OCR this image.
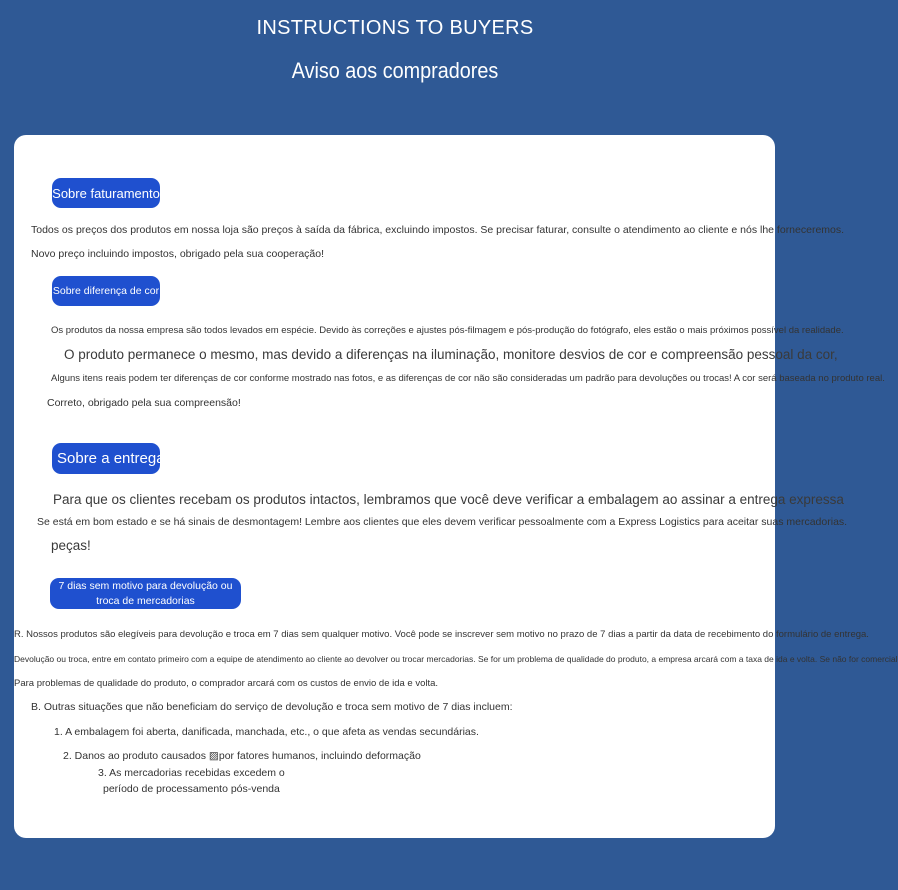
INSTRUCTIONS TO BUYERS
Aviso aos compradores
Sobre faturamento
Todos os preços dos produtos em nossa loja são preços à saída da fábrica, excluindo impostos. Se precisar faturar, consulte o atendimento ao cliente e nós lhe forneceremos.
Novo preço incluindo impostos, obrigado pela sua cooperação!
Sobre diferença de cor
Os produtos da nossa empresa são todos levados em espécie. Devido às correções e ajustes pós-filmagem e pós-produção do fotógrafo, eles estão o mais próximos possível da realidade.
O produto permanece o mesmo, mas devido a diferenças na iluminação, monitore desvios de cor e compreensão pessoal da cor,
Alguns itens reais podem ter diferenças de cor conforme mostrado nas fotos, e as diferenças de cor não são consideradas um padrão para devoluções ou trocas! A cor será baseada no produto real.
Correto, obrigado pela sua compreensão!
Sobre a entrega
Para que os clientes recebam os produtos intactos, lembramos que você deve verificar a embalagem ao assinar a entrega expressa
Se está em bom estado e se há sinais de desmontagem! Lembre aos clientes que eles devem verificar pessoalmente com a Express Logistics para aceitar suas mercadorias.
peças!
7 dias sem motivo para devolução ou
troca de mercadorias
R. Nossos produtos são elegíveis para devolução e troca em 7 dias sem qualquer motivo. Você pode se inscrever sem motivo no prazo de 7 dias a partir da data de recebimento do formulário de entrega.
Devolução ou troca, entre em contato primeiro com a equipe de atendimento ao cliente ao devolver ou trocar mercadorias. Se for um problema de qualidade do produto, a empresa arcará com a taxa de ida e volta. Se não for comercial
Para problemas de qualidade do produto, o comprador arcará com os custos de envio de ida e volta.
B. Outras situações que não beneficiam do serviço de devolução e troca sem motivo de 7 dias incluem:
1. A embalagem foi aberta, danificada, manchada, etc., o que afeta as vendas secundárias.
2. Danos ao produto causados ▨por fatores humanos, incluindo deformação
3. As mercadorias recebidas excedem o
período de processamento pós-venda
